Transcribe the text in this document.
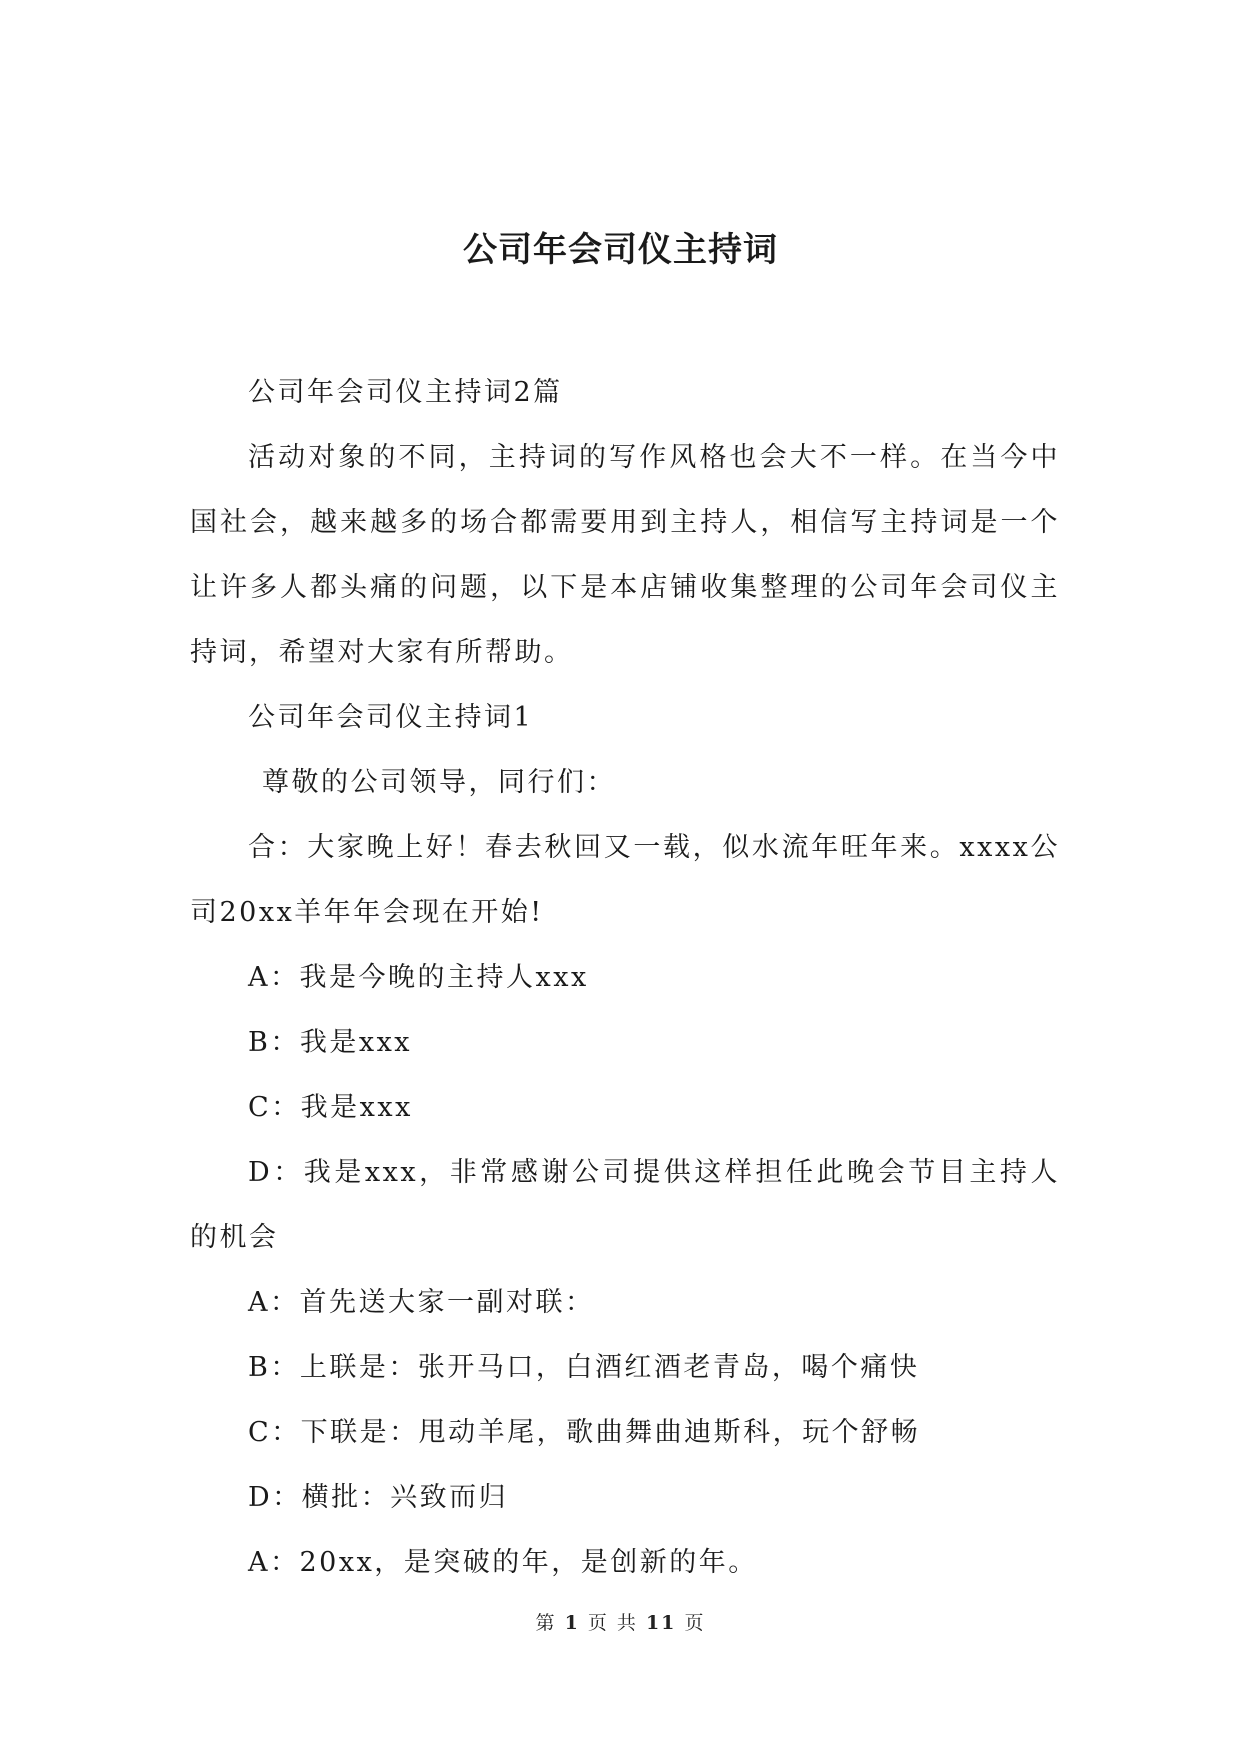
公司年会司仪主持词

公司年会司仪主持词2篇

活动对象的不同，主持词的写作风格也会大不一样。在当今中国社会，越来越多的场合都需要用到主持人，相信写主持词是一个让许多人都头痛的问题，以下是本店铺收集整理的公司年会司仪主持词，希望对大家有所帮助。

公司年会司仪主持词1

尊敬的公司领导，同行们：

合：大家晚上好！春去秋回又一载，似水流年旺年来。xxxx公司20xx羊年年会现在开始!

A：我是今晚的主持人xxx

B：我是xxx

C：我是xxx

D：我是xxx，非常感谢公司提供这样担任此晚会节目主持人的机会

A：首先送大家一副对联：

B：上联是：张开马口，白酒红酒老青岛，喝个痛快

C：下联是：甩动羊尾，歌曲舞曲迪斯科，玩个舒畅

D：横批：兴致而归

A：20xx，是突破的年，是创新的年。

第 1 页 共 11 页
